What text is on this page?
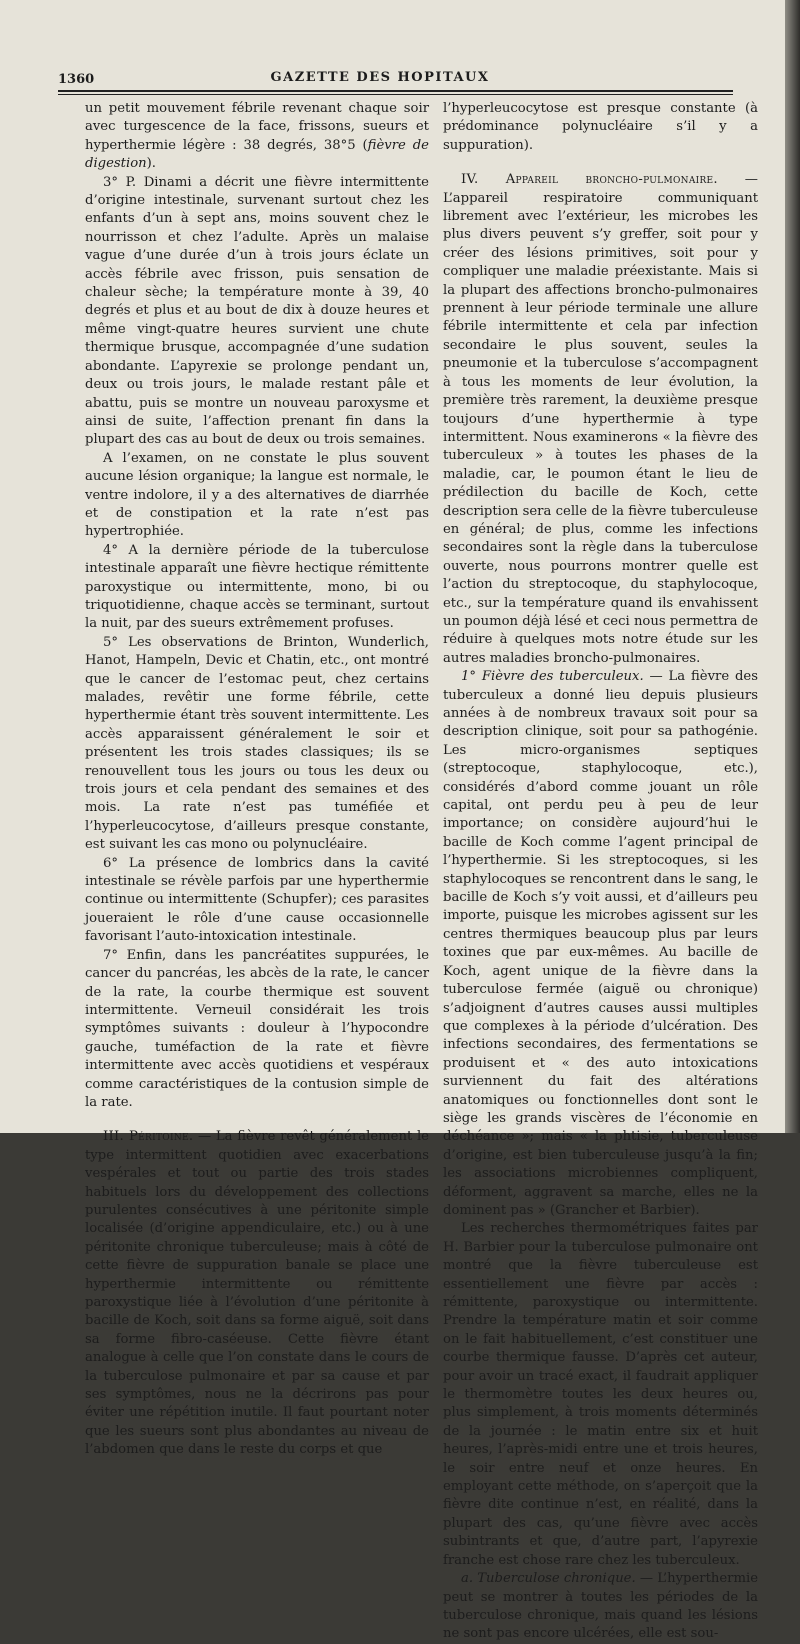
1360	GAZETTE DES HOPITAUX

un petit mouvement fébrile revenant chaque soir avec turgescence de la face, frissons, sueurs et hyperthermie légère : 38 degrés, 38°5 (fièvre de digestion).

3° P. Dinami a décrit une fièvre intermittente d’origine intestinale, survenant surtout chez les enfants d’un à sept ans, moins souvent chez le nourrisson et chez l’adulte. Après un malaise vague d’une durée d’un à trois jours éclate un accès fébrile avec frisson, puis sensation de chaleur sèche; la température monte à 39, 40 degrés et plus et au bout de dix à douze heures et même vingt-quatre heures survient une chute thermique brusque, accompagnée d’une sudation abondante. L’apyrexie se prolonge pendant un, deux ou trois jours, le malade restant pâle et abattu, puis se montre un nouveau paroxysme et ainsi de suite, l’affection prenant fin dans la plupart des cas au bout de deux ou trois semaines.

A l’examen, on ne constate le plus souvent aucune lésion organique; la langue est normale, le ventre indolore, il y a des alternatives de diarrhée et de constipation et la rate n’est pas hypertrophiée.

4° A la dernière période de la tuberculose intestinale apparaît une fièvre hectique rémittente paroxystique ou intermittente, mono, bi ou triquotidienne, chaque accès se terminant, surtout la nuit, par des sueurs extrêmement profuses.

5° Les observations de Brinton, Wunderlich, Hanot, Hampeln, Devic et Chatin, etc., ont montré que le cancer de l’estomac peut, chez certains malades, revêtir une forme fébrile, cette hyperthermie étant très souvent intermittente. Les accès apparaissent généralement le soir et présentent les trois stades classiques; ils se renouvellent tous les jours ou tous les deux ou trois jours et cela pendant des semaines et des mois. La rate n’est pas tuméfiée et l’hyperleucocytose, d’ailleurs presque constante, est suivant les cas mono ou polynucléaire.

6° La présence de lombrics dans la cavité intestinale se révèle parfois par une hyperthermie continue ou intermittente (Schupfer); ces parasites joueraient le rôle d’une cause occasionnelle favorisant l’auto-intoxication intestinale.

7° Enfin, dans les pancréatites suppurées, le cancer du pancréas, les abcès de la rate, le cancer de la rate, la courbe thermique est souvent intermittente. Verneuil considérait les trois symptômes suivants : douleur à l’hypocondre gauche, tuméfaction de la rate et fièvre intermittente avec accès quotidiens et vespéraux comme caractéristiques de la contusion simple de la rate.

III. Péritoine. — La fièvre revêt généralement le type intermittent quotidien avec exacerbations vespérales et tout ou partie des trois stades habituels lors du développement des collections purulentes consécutives à une péritonite simple localisée (d’origine appendiculaire, etc.) ou à une péritonite chronique tuberculeuse; mais à côté de cette fièvre de suppuration banale se place une hyperthermie intermittente ou rémittente paroxystique liée à l’évolution d’une péritonite à bacille de Koch, soit dans sa forme aiguë, soit dans sa forme fibro-caséeuse. Cette fièvre étant analogue à celle que l’on constate dans le cours de la tuberculose pulmonaire et par sa cause et par ses symptômes, nous ne la décrirons pas pour éviter une répétition inutile. Il faut pourtant noter que les sueurs sont plus abondantes au niveau de l’abdomen que dans le reste du corps et que

l’hyperleucocytose est presque constante (à prédominance polynucléaire s’il y a suppuration).

IV. Appareil broncho-pulmonaire. — L’appareil respiratoire communiquant librement avec l’extérieur, les microbes les plus divers peuvent s’y greffer, soit pour y créer des lésions primitives, soit pour y compliquer une maladie préexistante. Mais si la plupart des affections broncho-pulmonaires prennent à leur période terminale une allure fébrile intermittente et cela par infection secondaire le plus souvent, seules la pneumonie et la tuberculose s’accompagnent à tous les moments de leur évolution, la première très rarement, la deuxième presque toujours d’une hyperthermie à type intermittent. Nous examinerons « la fièvre des tuberculeux » à toutes les phases de la maladie, car, le poumon étant le lieu de prédilection du bacille de Koch, cette description sera celle de la fièvre tuberculeuse en général; de plus, comme les infections secondaires sont la règle dans la tuberculose ouverte, nous pourrons montrer quelle est l’action du streptocoque, du staphylocoque, etc., sur la température quand ils envahissent un poumon déjà lésé et ceci nous permettra de réduire à quelques mots notre étude sur les autres maladies broncho-pulmonaires.

1° Fièvre des tuberculeux. — La fièvre des tuberculeux a donné lieu depuis plusieurs années à de nombreux travaux soit pour sa description clinique, soit pour sa pathogénie. Les micro-organismes septiques (streptocoque, staphylocoque, etc.), considérés d’abord comme jouant un rôle capital, ont perdu peu à peu de leur importance; on considère aujourd’hui le bacille de Koch comme l’agent principal de l’hyperthermie. Si les streptocoques, si les staphylocoques se rencontrent dans le sang, le bacille de Koch s’y voit aussi, et d’ailleurs peu importe, puisque les microbes agissent sur les centres thermiques beaucoup plus par leurs toxines que par eux-mêmes. Au bacille de Koch, agent unique de la fièvre dans la tuberculose fermée (aiguë ou chronique) s’adjoignent d’autres causes aussi multiples que complexes à la période d’ulcération. Des infections secondaires, des fermentations se produisent et « des auto intoxications surviennent du fait des altérations anatomiques ou fonctionnelles dont sont le siège les grands viscères de l’économie en déchéance »; mais « la phtisie, tuberculeuse d’origine, est bien tuberculeuse jusqu’à la fin; les associations microbiennes compliquent, déforment, aggravent sa marche, elles ne la dominent pas » (Grancher et Barbier).

Les recherches thermométriques faites par H. Barbier pour la tuberculose pulmonaire ont montré que la fièvre tuberculeuse est essentiellement une fièvre par accès : rémittente, paroxystique ou intermittente. Prendre la température matin et soir comme on le fait habituellement, c’est constituer une courbe thermique fausse. D’après cet auteur, pour avoir un tracé exact, il faudrait appliquer le thermomètre toutes les deux heures ou, plus simplement, à trois moments déterminés de la journée : le matin entre six et huit heures, l’après-midi entre une et trois heures, le soir entre neuf et onze heures. En employant cette méthode, on s’aperçoit que la fièvre dite continue n’est, en réalité, dans la plupart des cas, qu’une fièvre avec accès subintrants et que, d’autre part, l’apyrexie franche est chose rare chez les tuberculeux.

a. Tuberculose chronique. — L’hyperthermie peut se montrer à toutes les périodes de la tuberculose chronique, mais quand les lésions ne sont pas encore ulcérées, elle est sou-
